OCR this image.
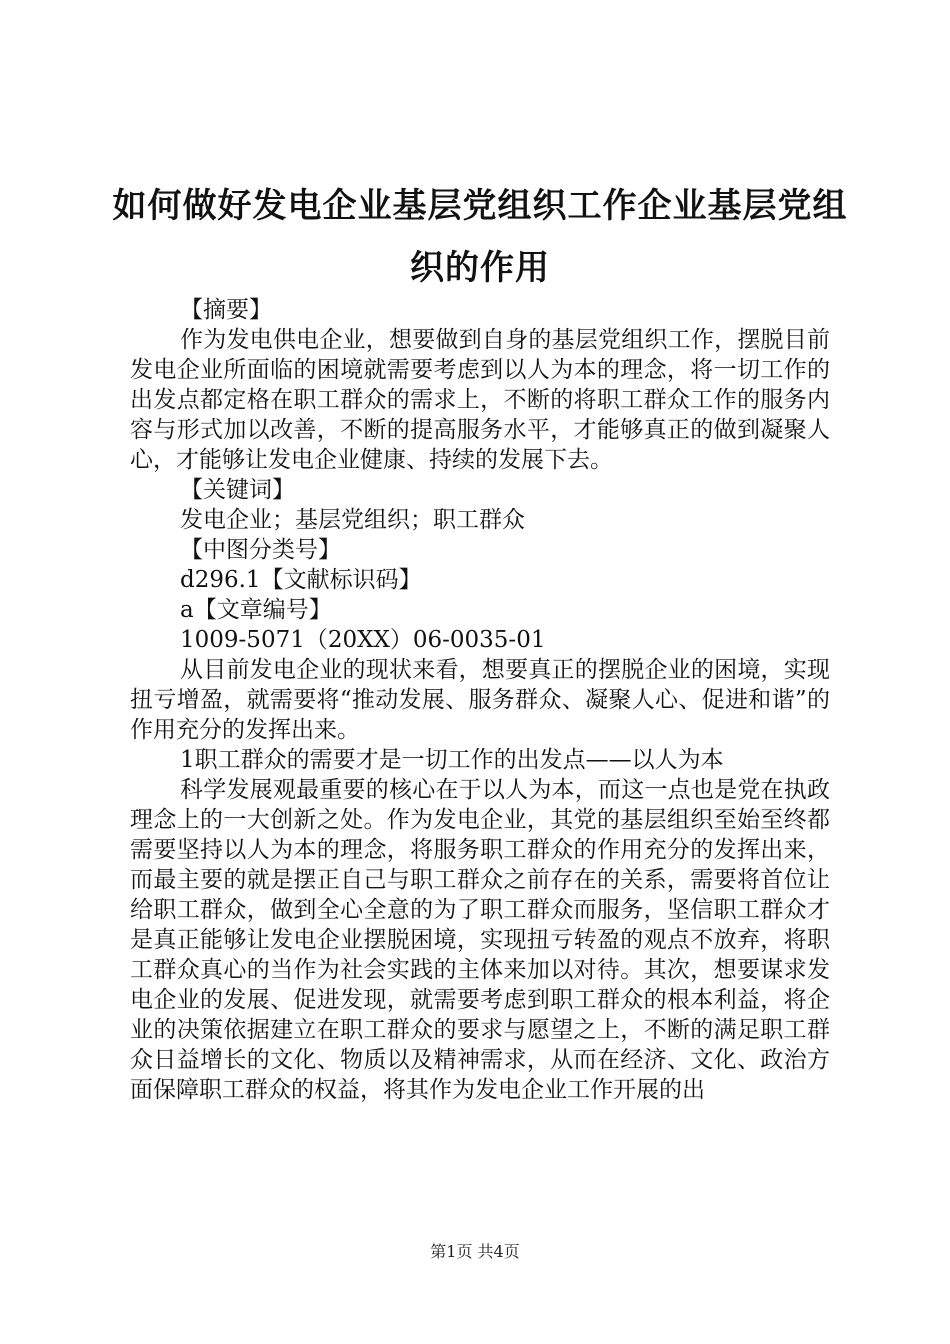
如何做好发电企业基层党组织工作企业基层党组织的作用

【摘要】

作为发电供电企业，想要做到自身的基层党组织工作，摆脱目前发电企业所面临的困境就需要考虑到以人为本的理念，将一切工作的出发点都定格在职工群众的需求上，不断的将职工群众工作的服务内容与形式加以改善，不断的提高服务水平，才能够真正的做到凝聚人心，才能够让发电企业健康、持续的发展下去。

【关键词】

发电企业；基层党组织；职工群众

【中图分类号】

d296.1【文献标识码】

a【文章编号】

1009-5071（20XX）06-0035-01

从目前发电企业的现状来看，想要真正的摆脱企业的困境，实现扭亏增盈，就需要将“推动发展、服务群众、凝聚人心、促进和谐”的作用充分的发挥出来。

1职工群众的需要才是一切工作的出发点——以人为本

科学发展观最重要的核心在于以人为本，而这一点也是党在执政理念上的一大创新之处。作为发电企业，其党的基层组织至始至终都需要坚持以人为本的理念，将服务职工群众的作用充分的发挥出来，而最主要的就是摆正自己与职工群众之前存在的关系，需要将首位让给职工群众，做到全心全意的为了职工群众而服务，坚信职工群众才是真正能够让发电企业摆脱困境，实现扭亏转盈的观点不放弃，将职工群众真心的当作为社会实践的主体来加以对待。其次，想要谋求发电企业的发展、促进发现，就需要考虑到职工群众的根本利益，将企业的决策依据建立在职工群众的要求与愿望之上，不断的满足职工群众日益增长的文化、物质以及精神需求，从而在经济、文化、政治方面保障职工群众的权益，将其作为发电企业工作开展的出

第1页 共4页
